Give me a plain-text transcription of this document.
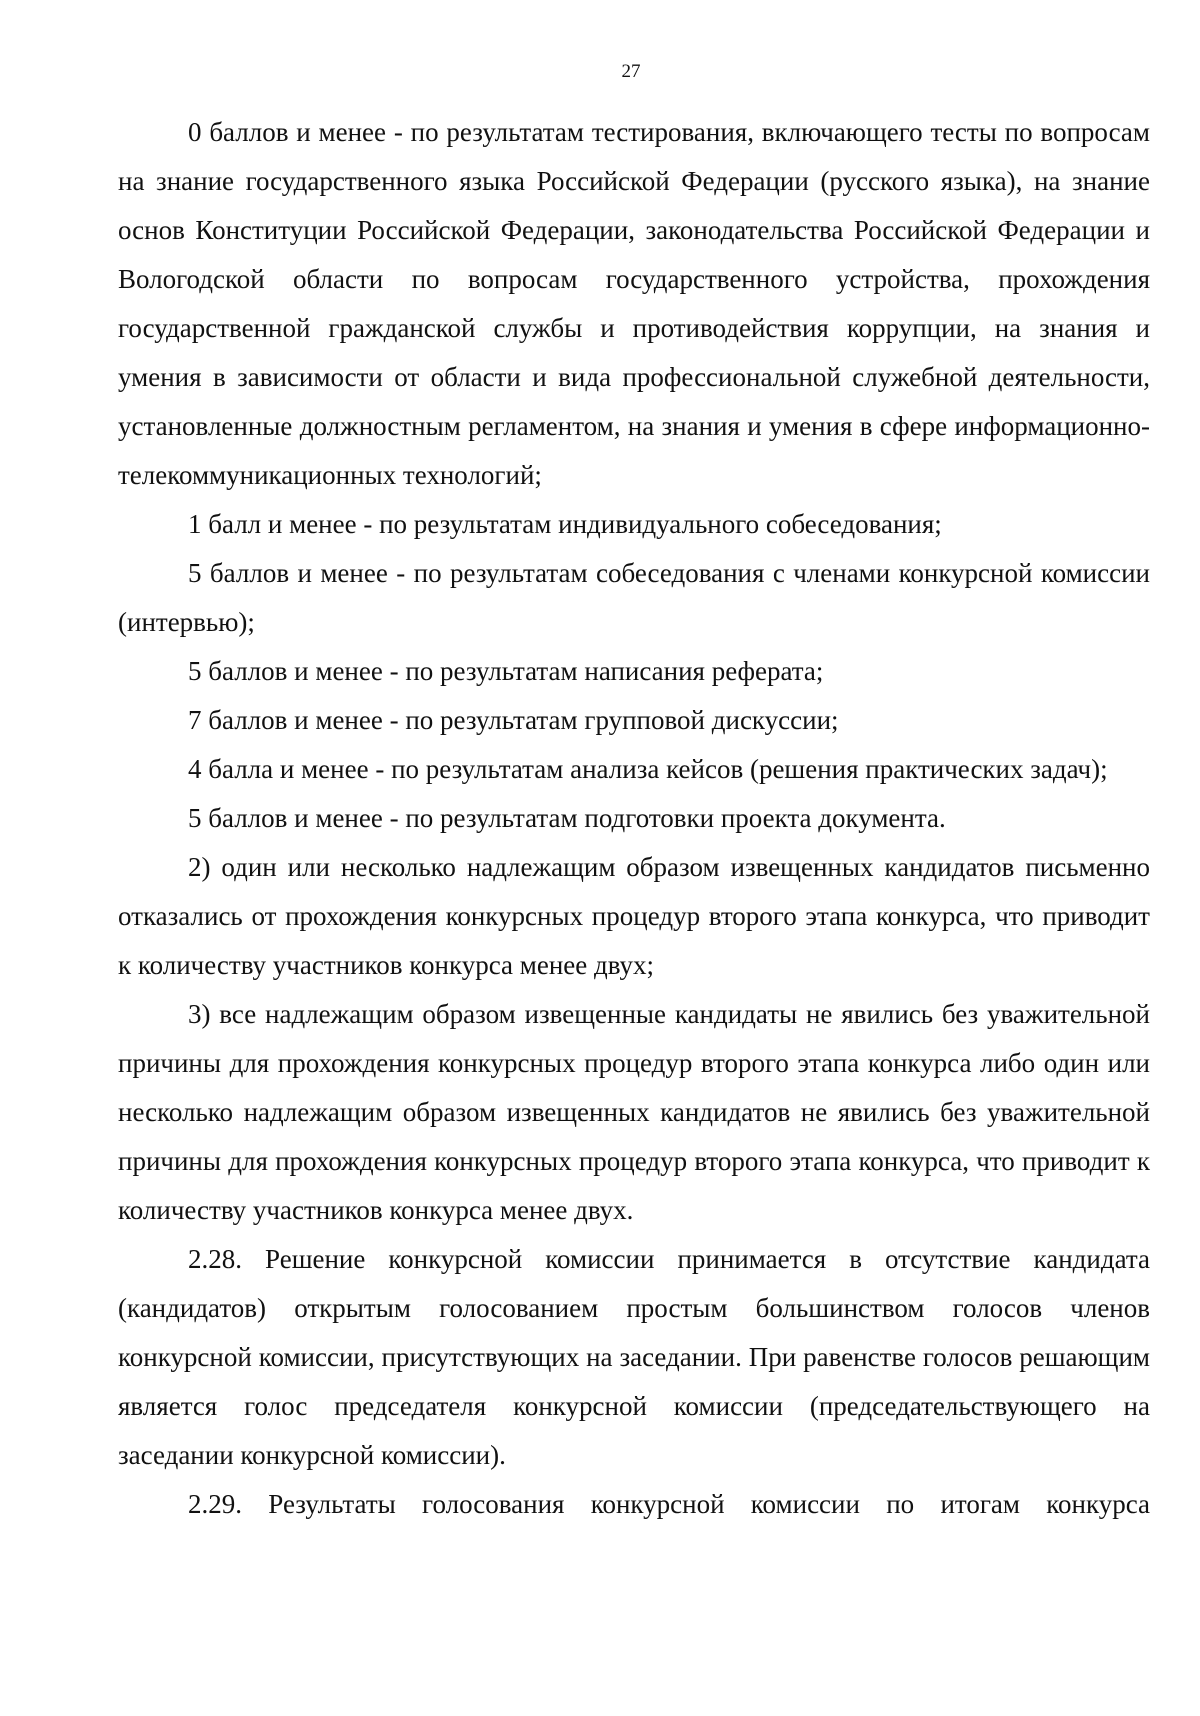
27

0 баллов и менее - по результатам тестирования, включающего тесты по вопросам на знание государственного языка Российской Федерации (русского языка), на знание основ Конституции Российской Федерации, законодательства Российской Федерации и Вологодской области по вопросам государственного устройства, прохождения государственной гражданской службы и противодействия коррупции, на знания и умения в зависимости от области и вида профессиональной служебной деятельности, установленные должностным регламентом, на знания и умения в сфере информационно-телекоммуникационных технологий;

1 балл и менее - по результатам индивидуального собеседования;

5 баллов и менее - по результатам собеседования с членами конкурсной комиссии (интервью);

5 баллов и менее - по результатам написания реферата;

7 баллов и менее - по результатам групповой дискуссии;

4 балла и менее - по результатам анализа кейсов (решения практических задач);

5 баллов и менее - по результатам подготовки проекта документа.

2) один или несколько надлежащим образом извещенных кандидатов письменно отказались от прохождения конкурсных процедур второго этапа конкурса, что приводит к количеству участников конкурса менее двух;

3) все надлежащим образом извещенные кандидаты не явились без уважительной причины для прохождения конкурсных процедур второго этапа конкурса либо один или несколько надлежащим образом извещенных кандидатов не явились без уважительной причины для прохождения конкурсных процедур второго этапа конкурса, что приводит к количеству участников конкурса менее двух.

2.28. Решение конкурсной комиссии принимается в отсутствие кандидата (кандидатов) открытым голосованием простым большинством голосов членов конкурсной комиссии, присутствующих на заседании. При равенстве голосов решающим является голос председателя конкурсной комиссии (председательствующего на заседании конкурсной комиссии).

2.29. Результаты голосования конкурсной комиссии по итогам конкурса
